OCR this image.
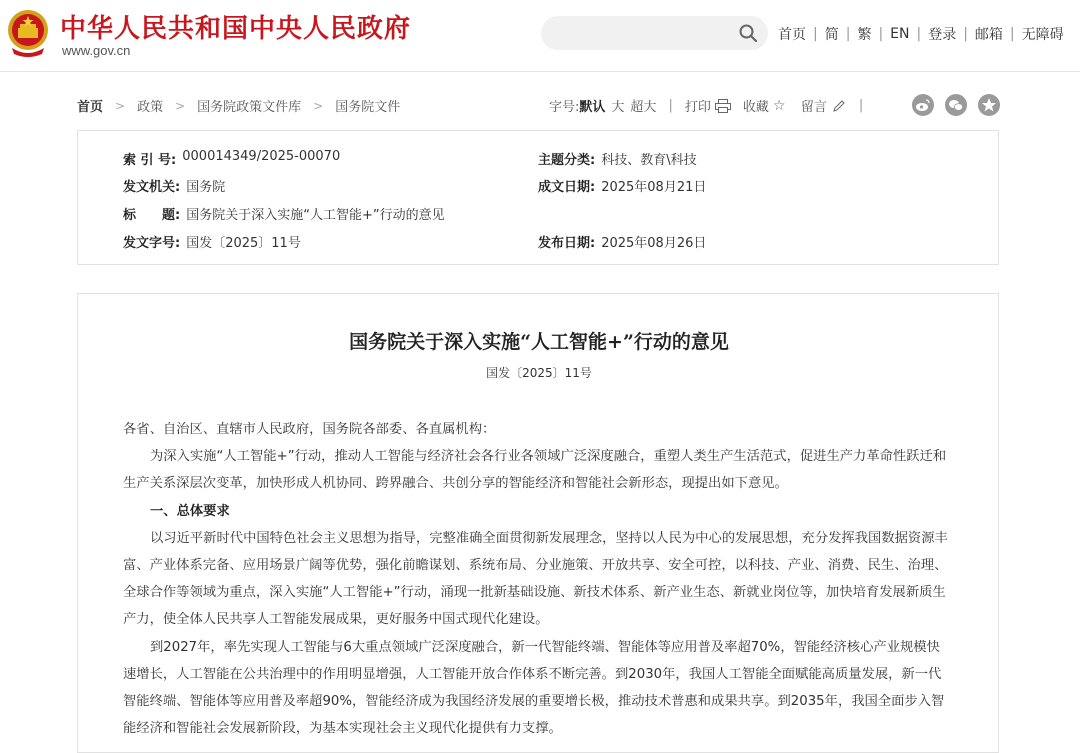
中华人民共和国中央人民政府
www.gov.cn
首页 | 简 | 繁 | EN | 登录 | 邮箱 | 无障碍
首页 > 政策 > 国务院政策文件库 > 国务院文件	字号: 默认 大 超大 | 打印 收藏 ☆ 留言 |
索 引 号: 000014349/2025-00070
发文机关: 国务院
标　　题: 国务院关于深入实施“人工智能+”行动的意见
发文字号: 国发〔2025〕11号
主题分类: 科技、教育\科技
成文日期: 2025年08月21日
发布日期: 2025年08月26日
国务院关于深入实施“人工智能+”行动的意见
国发〔2025〕11号

各省、自治区、直辖市人民政府，国务院各部委、各直属机构：

为深入实施“人工智能+”行动，推动人工智能与经济社会各行业各领域广泛深度融合，重塑人类生产生活范式，促进生产力革命性跃迁和生产关系深层次变革，加快形成人机协同、跨界融合、共创分享的智能经济和智能社会新形态，现提出如下意见。

一、总体要求

以习近平新时代中国特色社会主义思想为指导，完整准确全面贯彻新发展理念，坚持以人民为中心的发展思想，充分发挥我国数据资源丰富、产业体系完备、应用场景广阔等优势，强化前瞻谋划、系统布局、分业施策、开放共享、安全可控，以科技、产业、消费、民生、治理、全球合作等领域为重点，深入实施“人工智能+”行动，涌现一批新基础设施、新技术体系、新产业生态、新就业岗位等，加快培育发展新质生产力，使全体人民共享人工智能发展成果，更好服务中国式现代化建设。

到2027年，率先实现人工智能与6大重点领域广泛深度融合，新一代智能终端、智能体等应用普及率超70%，智能经济核心产业规模快速增长，人工智能在公共治理中的作用明显增强，人工智能开放合作体系不断完善。到2030年，我国人工智能全面赋能高质量发展，新一代智能终端、智能体等应用普及率超90%，智能经济成为我国经济发展的重要增长极，推动技术普惠和成果共享。到2035年，我国全面步入智能经济和智能社会发展新阶段，为基本实现社会主义现代化提供有力支撑。
